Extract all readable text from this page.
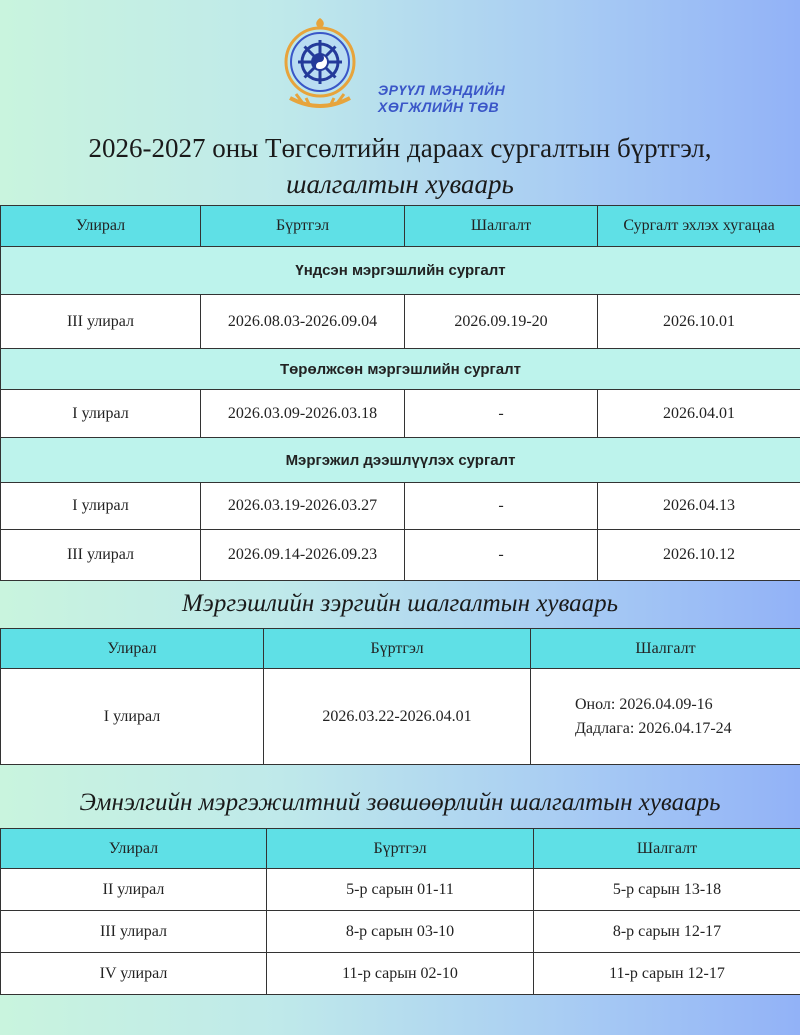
ЭРҮҮЛ МЭНДИЙН
ХӨГЖЛИЙН ТӨВ
2026-2027 оны Төгсөлтийн дараах сургалтын бүртгэл,
шалгалтын хуваарь
Улирал	Бүртгэл	Шалгалт	Сургалт эхлэх хугацаа
Үндсэн мэргэшлийн сургалт			
III улирал	2026.08.03-2026.09.04	2026.09.19-20	2026.10.01
Төрөлжсөн мэргэшлийн сургалт			
I улирал	2026.03.09-2026.03.18	-	2026.04.01
Мэргэжил дээшлүүлэх сургалт			
I улирал	2026.03.19-2026.03.27	-	2026.04.13
III улирал	2026.09.14-2026.09.23	-	2026.10.12
Мэргэшлийн зэргийн шалгалтын хуваарь
Улирал	Бүртгэл	Шалгалт
I улирал	2026.03.22-2026.04.01	Онол: 2026.04.09-16
Дадлага: 2026.04.17-24
Эмнэлгийн мэргэжилтний зөвшөөрлийн шалгалтын хуваарь
Улирал	Бүртгэл	Шалгалт
II улирал	5-р сарын 01-11	5-р сарын 13-18
III улирал	8-р сарын 03-10	8-р сарын 12-17
IV улирал	11-р сарын 02-10	11-р сарын 12-17
